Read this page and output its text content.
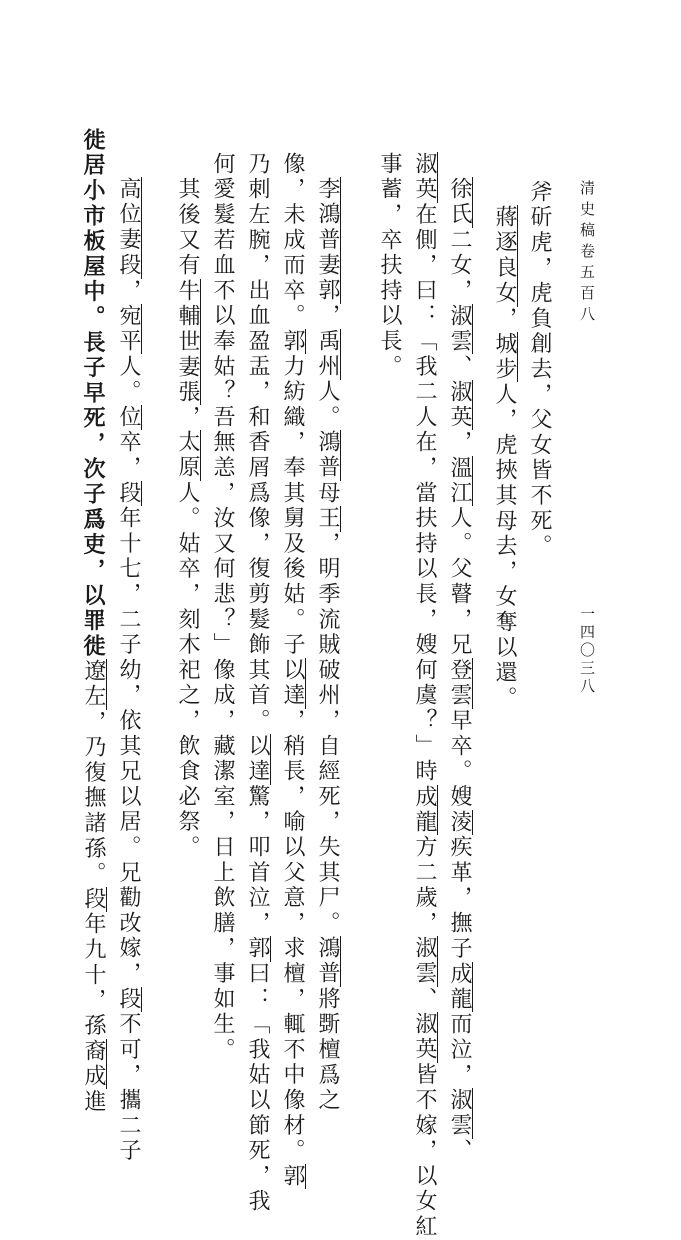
清史稿卷五百八
一四〇三八
斧斫虎，虎負創去，父女皆不死。
　蔣逐良女，城步人，虎挾其母去，女奪以還。
　徐氏二女，淑雲、淑英，溫江人。父瞽，兄登雲早卒。嫂淩疾革，撫子成龍而泣，淑雲、
淑英在側，曰：「我二人在，當扶持以長，嫂何虞？」時成龍方二歲，淑雲、淑英皆不嫁，以女紅
事蓄，卒扶持以長。
　李鴻普妻郭，禹州人。鴻普母王，明季流賊破州，自經死，失其尸。鴻普將斲檀爲之
像，未成而卒。郭力紡織，奉其舅及後姑。子以達，稍長，喻以父意，求檀，輒不中像材。郭
乃刺左腕，出血盈盂，和香屑爲像，復剪髮飾其首。以達驚，叩首泣，郭曰：「我姑以節死，我
何愛髮若血不以奉姑？吾無恙，汝又何悲？」像成，藏潔室，日上飲膳，事如生。
　其後又有牛輔世妻張，太原人。姑卒，刻木祀之，飲食必祭。
　高位妻段，宛平人。位卒，段年十七，二子幼，依其兄以居。兄勸改嫁，段不可，攜二子
徙居小市板屋中。長子早死，次子爲吏，以罪徙遼左，乃復撫諸孫。段年九十，孫裔成進
